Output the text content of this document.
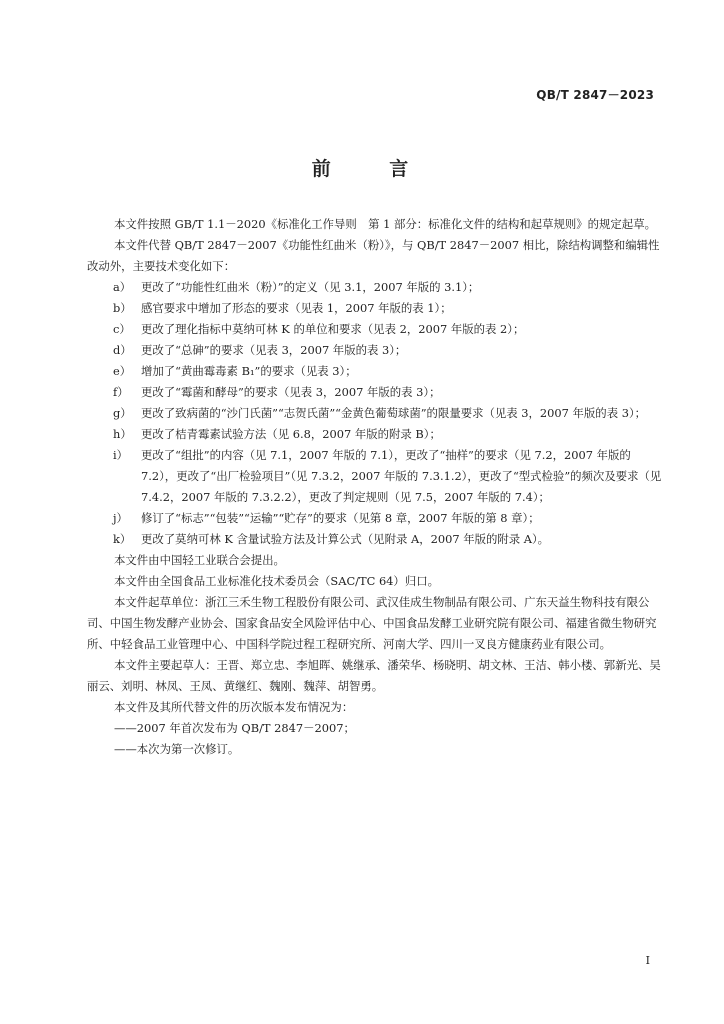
QB/T 2847－2023
前 言

本文件按照 GB/T 1.1－2020《标准化工作导则　第 1 部分：标准化文件的结构和起草规则》的规定起草。

本文件代替 QB/T 2847－2007《功能性红曲米（粉）》，与 QB/T 2847－2007 相比，除结构调整和编辑性改动外，主要技术变化如下：

a） 更改了“功能性红曲米（粉）”的定义（见 3.1，2007 年版的 3.1）；

b） 感官要求中增加了形态的要求（见表 1，2007 年版的表 1）；

c） 更改了理化指标中莫纳可林 K 的单位和要求（见表 2，2007 年版的表 2）；

d） 更改了“总砷”的要求（见表 3，2007 年版的表 3）；

e） 增加了“黄曲霉毒素 B₁”的要求（见表 3）；

f） 更改了“霉菌和酵母”的要求（见表 3，2007 年版的表 3）；

g） 更改了致病菌的“沙门氏菌”“志贺氏菌”“金黄色葡萄球菌”的限量要求（见表 3，2007 年版的表 3）；

h） 更改了桔青霉素试验方法（见 6.8，2007 年版的附录 B）；

i） 更改了“组批”的内容（见 7.1，2007 年版的 7.1），更改了“抽样”的要求（见 7.2，2007 年版的 7.2），更改了“出厂检验项目”（见 7.3.2，2007 年版的 7.3.1.2），更改了“型式检验”的频次及要求（见 7.4.2，2007 年版的 7.3.2.2），更改了判定规则（见 7.5，2007 年版的 7.4）；

j） 修订了“标志”“包装”“运输”“贮存”的要求（见第 8 章，2007 年版的第 8 章）；

k） 更改了莫纳可林 K 含量试验方法及计算公式（见附录 A，2007 年版的附录 A）。

本文件由中国轻工业联合会提出。

本文件由全国食品工业标准化技术委员会（SAC/TC 64）归口。

本文件起草单位：浙江三禾生物工程股份有限公司、武汉佳成生物制品有限公司、广东天益生物科技有限公司、中国生物发酵产业协会、国家食品安全风险评估中心、中国食品发酵工业研究院有限公司、福建省微生物研究所、中轻食品工业管理中心、中国科学院过程工程研究所、河南大学、四川一叉良方健康药业有限公司。

本文件主要起草人：王晋、郑立忠、李旭晖、姚继承、潘荣华、杨晓明、胡文林、王洁、韩小楼、郭新光、吴丽云、刘明、林凤、王凤、黄继红、魏刚、魏萍、胡智勇。

本文件及其所代替文件的历次版本发布情况为：

——2007 年首次发布为 QB/T 2847－2007；

——本次为第一次修订。

I
